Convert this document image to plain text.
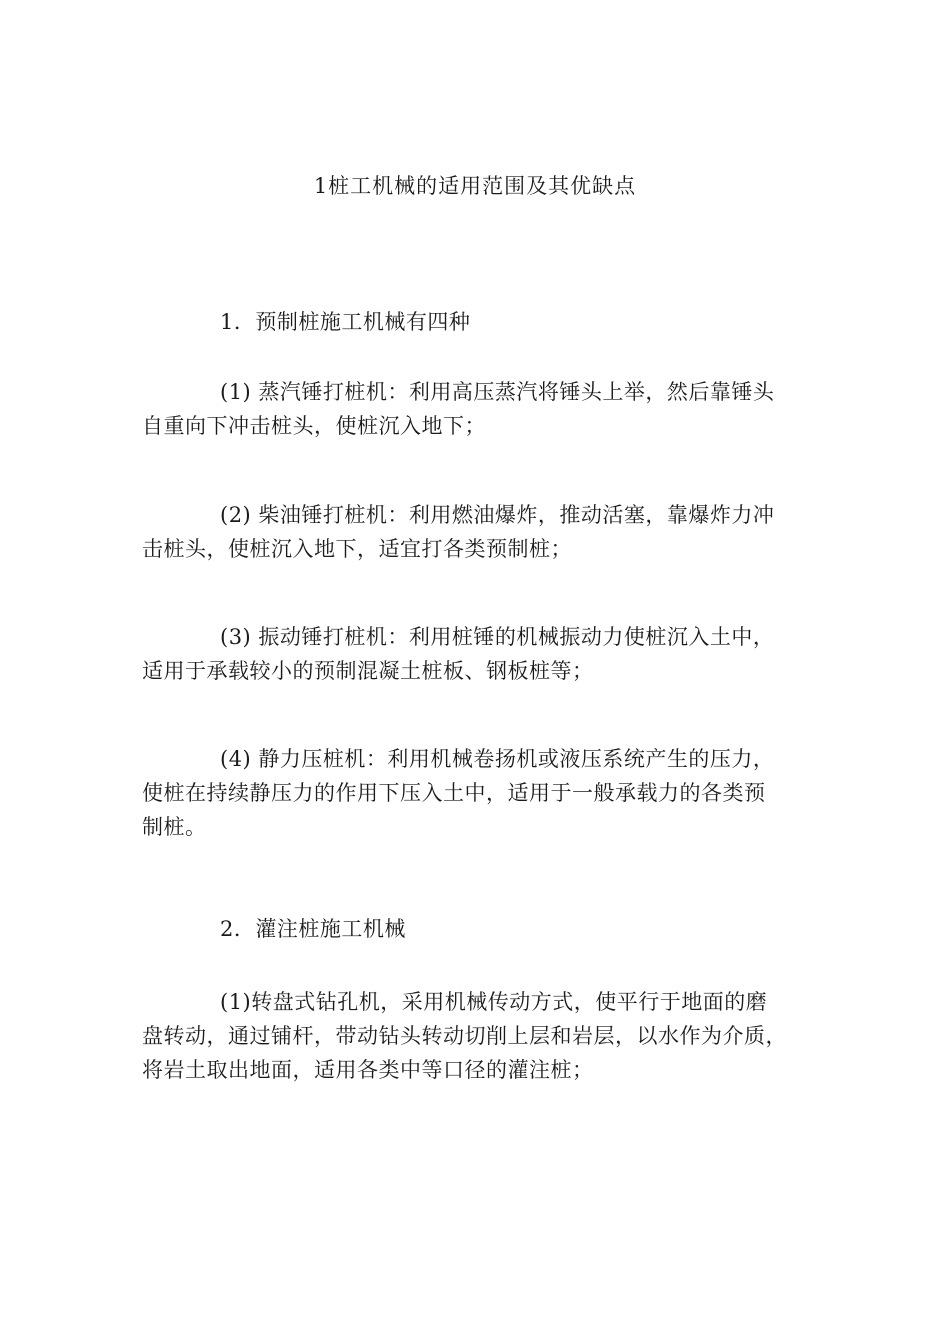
1桩工机械的适用范围及其优缺点
1．预制桩施工机械有四种
(1) 蒸汽锤打桩机：利用高压蒸汽将锤头上举，然后靠锤头
自重向下冲击桩头，使桩沉入地下；
(2) 柴油锤打桩机：利用燃油爆炸，推动活塞，靠爆炸力冲
击桩头，使桩沉入地下，适宜打各类预制桩；
(3) 振动锤打桩机：利用桩锤的机械振动力使桩沉入土中，
适用于承载较小的预制混凝土桩板、钢板桩等；
(4) 静力压桩机：利用机械卷扬机或液压系统产生的压力，
使桩在持续静压力的作用下压入土中，适用于一般承载力的各类预
制桩。
2．灌注桩施工机械
(1)转盘式钻孔机，采用机械传动方式，使平行于地面的磨
盘转动，通过铺杆，带动钻头转动切削上层和岩层，以水作为介质，
将岩土取出地面，适用各类中等口径的灌注桩；
